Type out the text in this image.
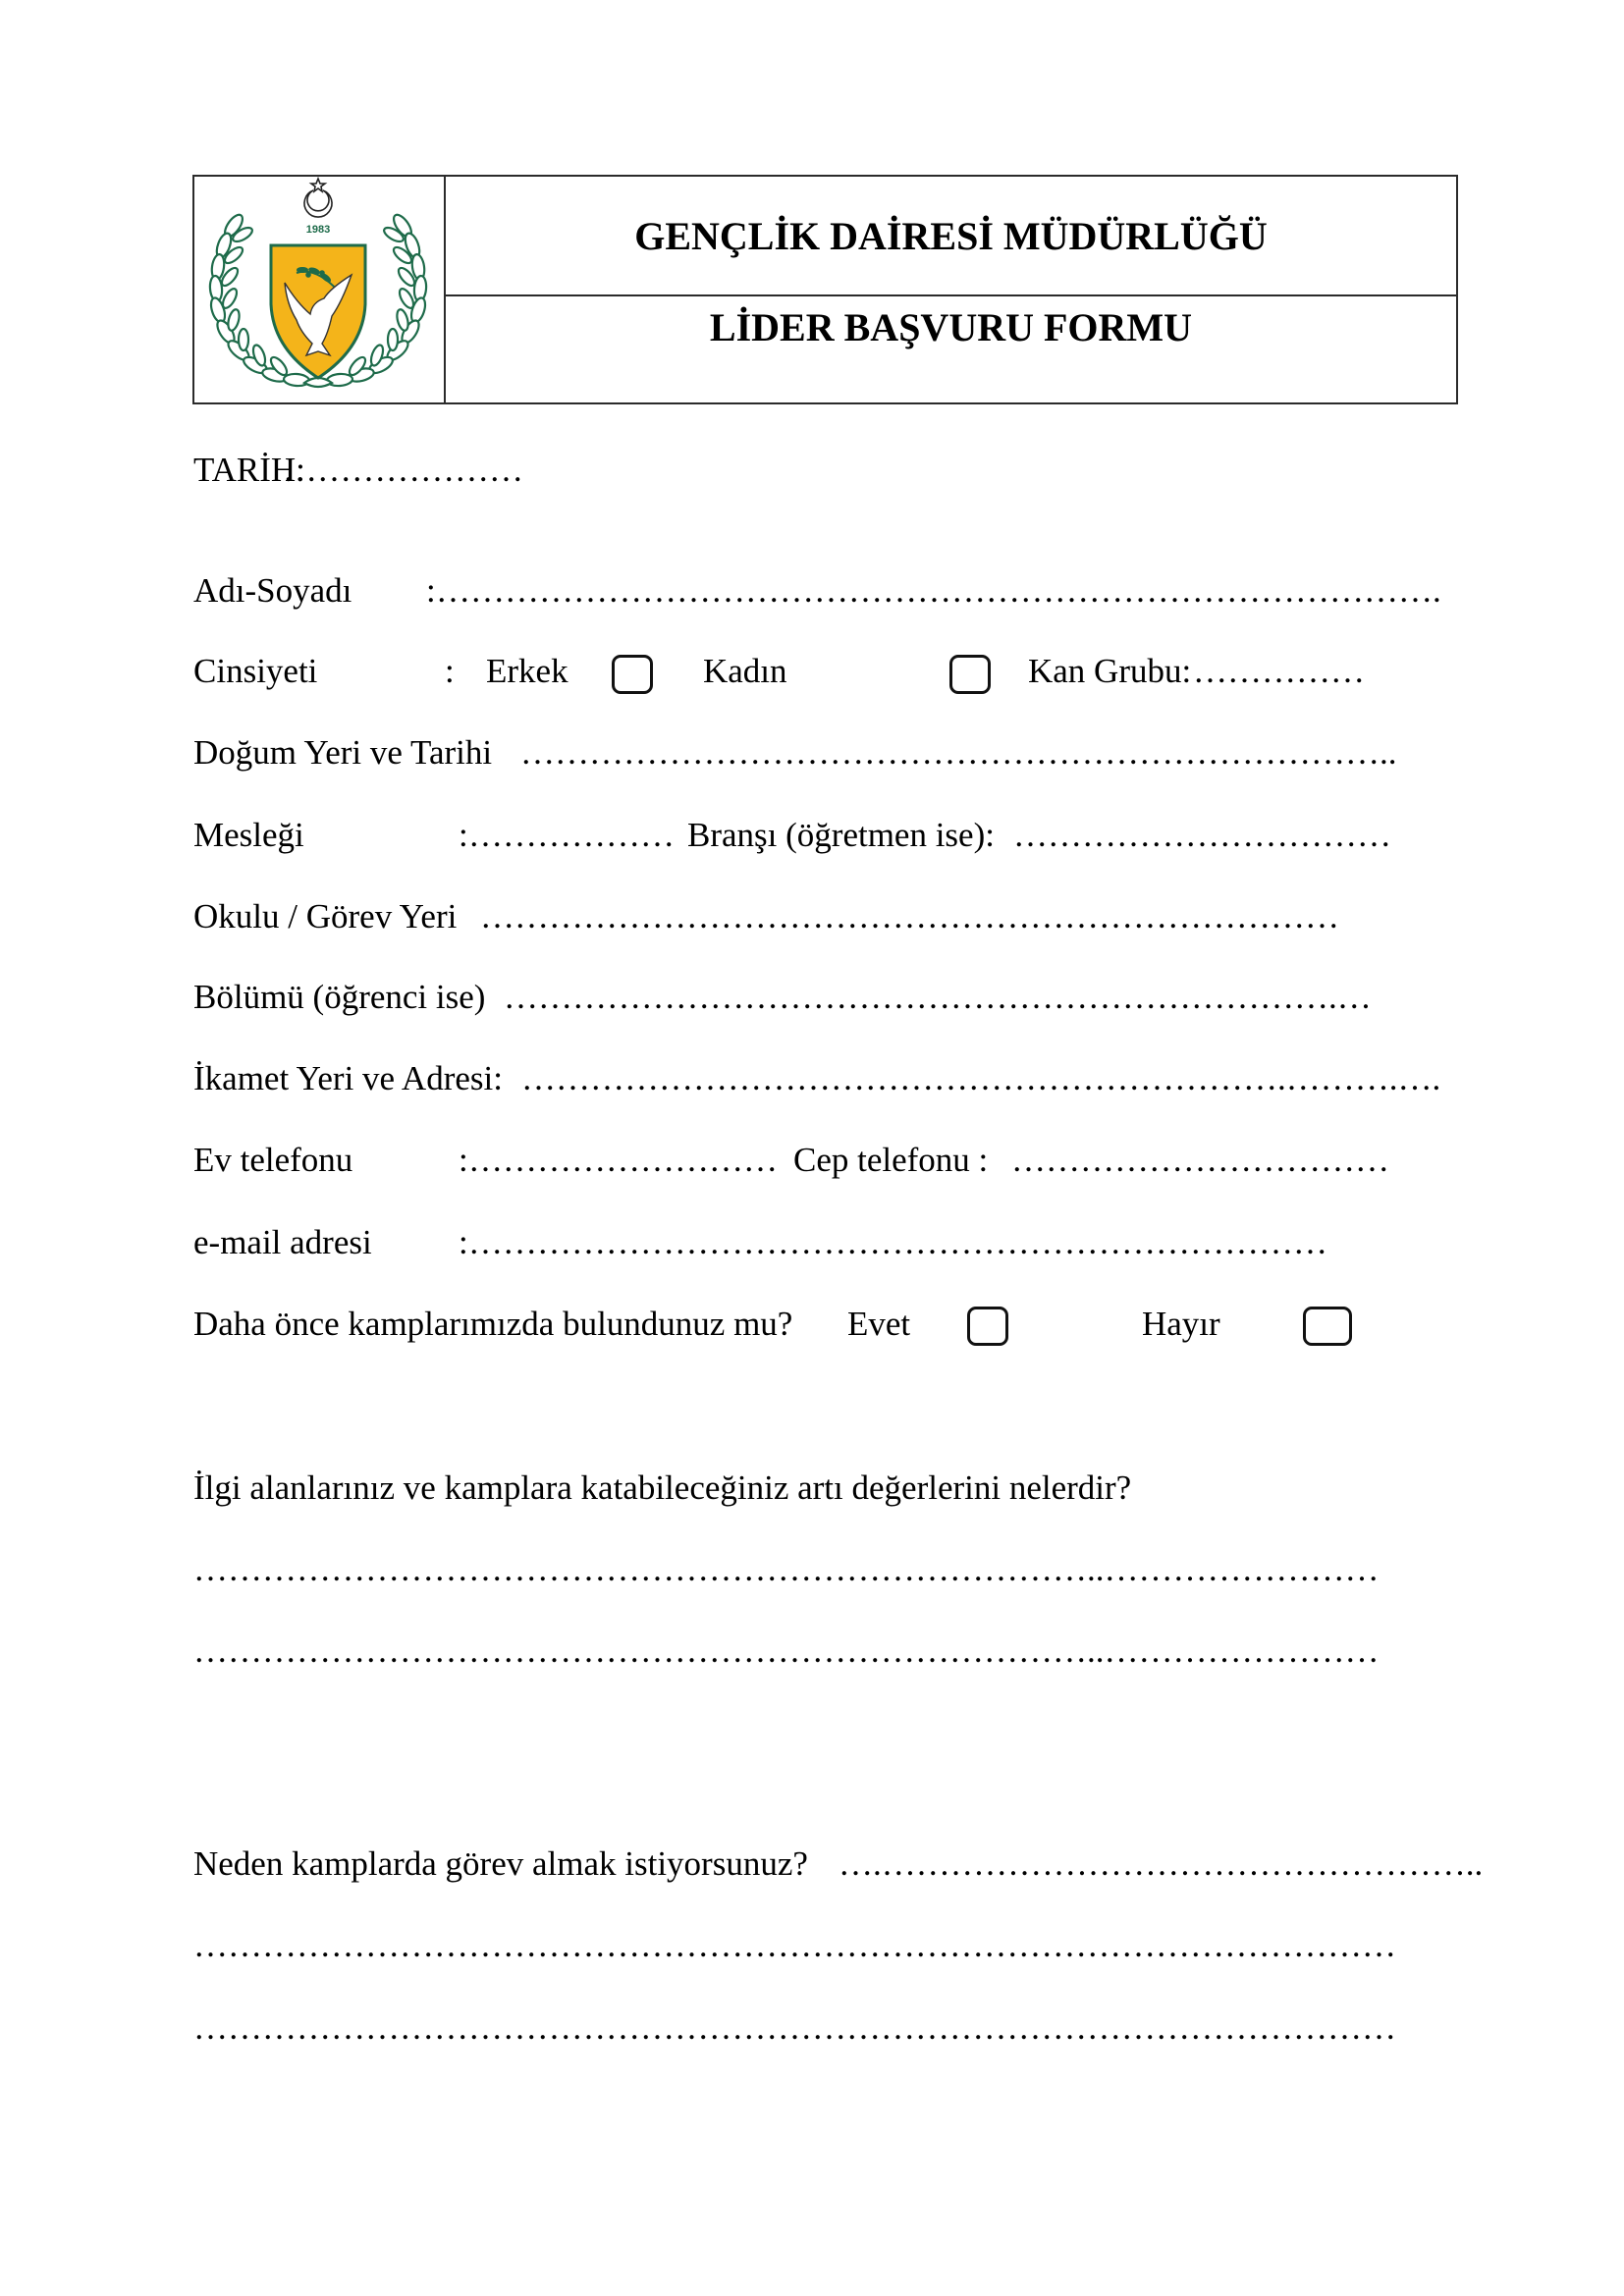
1983	GENÇLİK DAİRESİ MÜDÜRLÜĞÜ
LİDER BAŞVURU FORMU
TARİH:
…………………
Adı-Soyadı : …………………………………………………………………………….
Cinsiyeti	: Erkek	Kadın	Kan Grubu: ……………
Doğum Yeri ve Tarihi …………………………………………………………………..
Mesleği	: ……………… Branşı (öğretmen ise): ……………………………
Okulu / Görev Yeri …………………………………………………………………
Bölümü (öğrenci ise) ……………………………………………………………….…
İkamet Yeri ve Adresi: ………………………………………………………….……….….
Ev telefonu	: ……………………… Cep telefonu : ……………………………
e-mail adresi	: …………………………………………………………………
Daha önce kamplarımızda bulundunuz mu? Evet	Hayır
İlgi alanlarınız ve kamplara katabileceğiniz artı değerlerini nelerdir?
……………………………………………………………………..……………………
……………………………………………………………………..……………………
Neden kamplarda görev almak istiyorsunuz? ….……………………………………………..
……………………………………………………………………………………………
……………………………………………………………………………………………
